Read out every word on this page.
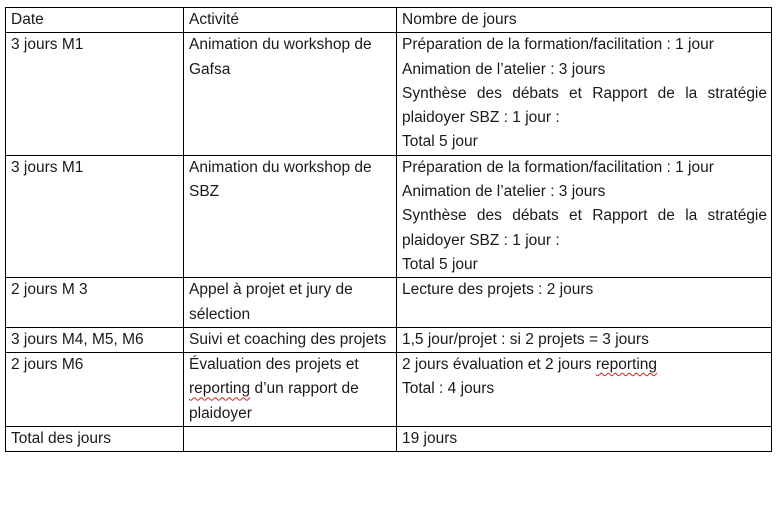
Date	Activité	Nombre de jours
3 jours M1	Animation du workshop de Gafsa	Préparation de la formation/facilitation : 1 jour
Animation de l’atelier : 3 jours
Synthèse des débats et Rapport de la stratégie plaidoyer SBZ : 1 jour :
Total 5 jour

3 jours M1	Animation du workshop de SBZ	Préparation de la formation/facilitation : 1 jour
Animation de l’atelier : 3 jours
Synthèse des débats et Rapport de la stratégie plaidoyer SBZ : 1 jour :
Total 5 jour

2 jours M 3	Appel à projet et jury de sélection	Lecture des projets : 2 jours
3 jours M4, M5, M6	Suivi et coaching des projets	1,5 jour/projet : si 2 projets = 3 jours
2 jours M6	Évaluation des projets et reporting d’un rapport de plaidoyer	2 jours évaluation et 2 jours reporting
Total : 4 jours

Total des jours		19 jours
